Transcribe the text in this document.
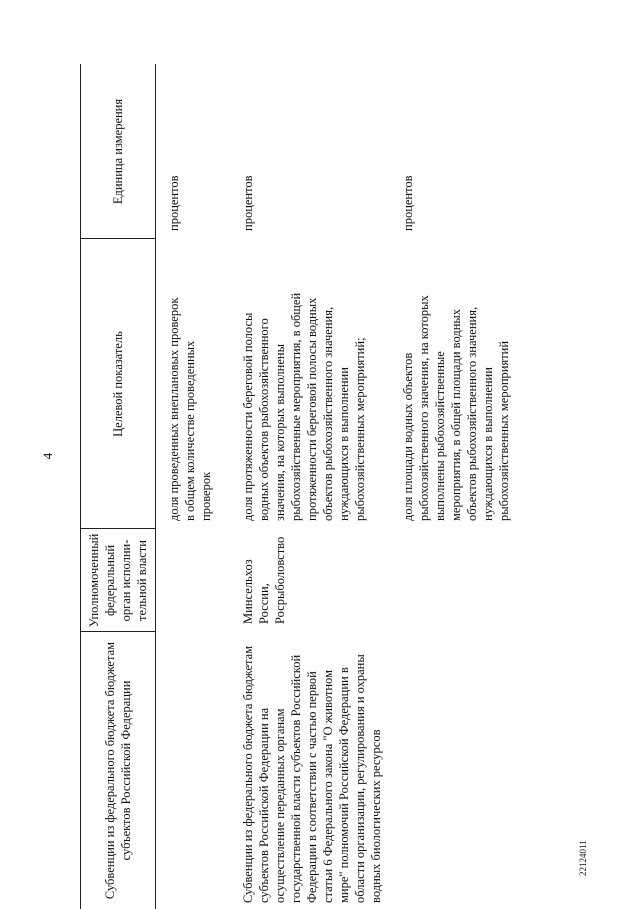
4
Субвенции из федерального бюджета бюджетам субъектов Российской Федерации
Уполномоченный федеральный орган исполни-тельной власти
Целевой показатель
Единица измерения
доля проведенных внеплановых проверок в общем количестве проведенных проверок
процентов
Субвенции из федерального бюджета бюджетам субъектов Российской Федерации на осуществление переданных органам государственной власти субъектов Российской Федерации в соответствии с частью первой статьи 6 Федерального закона "О животном мире" полномочий Российской Федерации в области организации, регулирования и охраны водных биологических ресурсов
Минсельхоз России, Росрыболовство
доля протяженности береговой полосы водных объектов рыбохозяйственного значения, на которых выполнены рыбохозяйственные мероприятия, в общей протяженности береговой полосы водных объектов рыбохозяйственного значения, нуждающихся в выполнении рыбохозяйственных мероприятий;
процентов
доля площади водных объектов рыбохозяйственного значения, на которых выполнены рыбохозяйственные мероприятия, в общей площади водных объектов рыбохозяйственного значения, нуждающихся в выполнении рыбохозяйственных мероприятий
процентов
22124011
